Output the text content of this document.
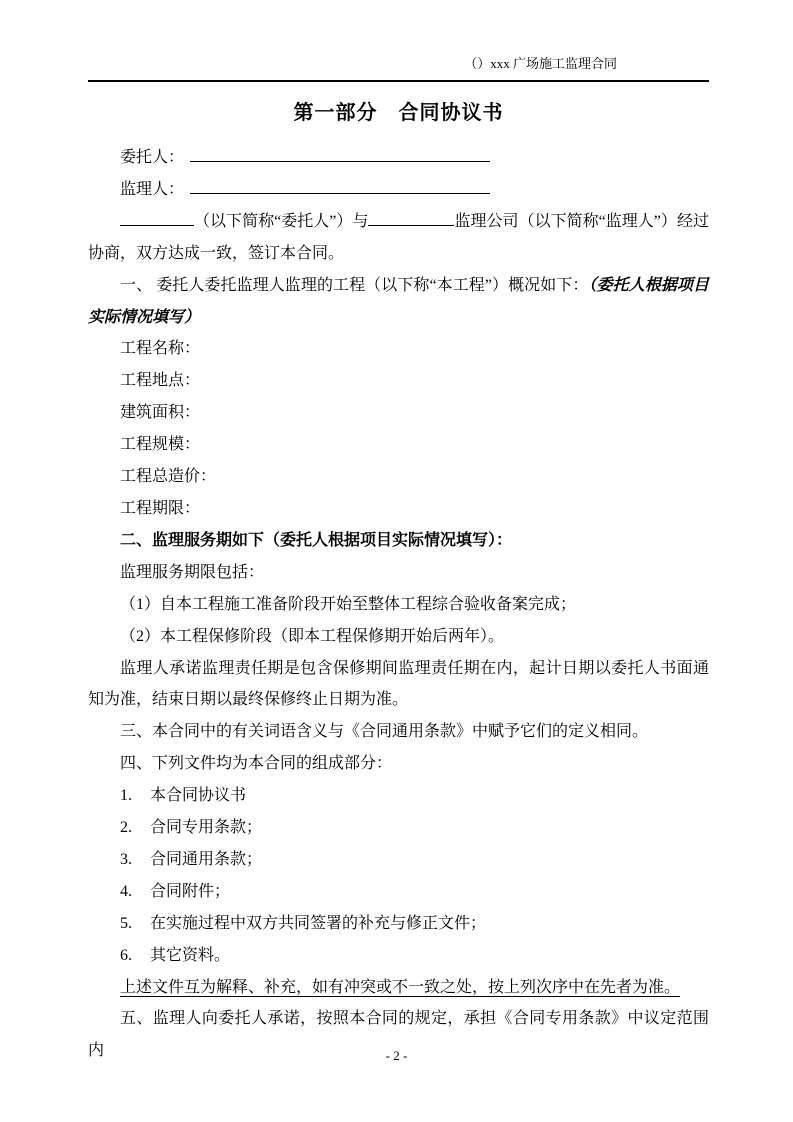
（）xxx 广场施工监理合同
第一部分　合同协议书

委托人：

监理人：

（以下简称“委托人”）与	监理公司（以下简称“监理人”）经过协商，双方达成一致，签订本合同。

一、 委托人委托监理人监理的工程（以下称“本工程”）概况如下：（委托人根据项目实际情况填写）

工程名称：

工程地点：

建筑面积：

工程规模：

工程总造价：

工程期限：

二、监理服务期如下（委托人根据项目实际情况填写）：

监理服务期限包括：

（1）自本工程施工准备阶段开始至整体工程综合验收备案完成；

（2）本工程保修阶段（即本工程保修期开始后两年）。

监理人承诺监理责任期是包含保修期间监理责任期在内，起计日期以委托人书面通知为准，结束日期以最终保修终止日期为准。

三、本合同中的有关词语含义与《合同通用条款》中赋予它们的定义相同。

四、下列文件均为本合同的组成部分：

1. 本合同协议书

2. 合同专用条款；

3. 合同通用条款；

4. 合同附件；

5. 在实施过程中双方共同签署的补充与修正文件；

6. 其它资料。

上述文件互为解释、补充，如有冲突或不一致之处，按上列次序中在先者为准。

五、监理人向委托人承诺，按照本合同的规定，承担《合同专用条款》中议定范围内	- 2 -
